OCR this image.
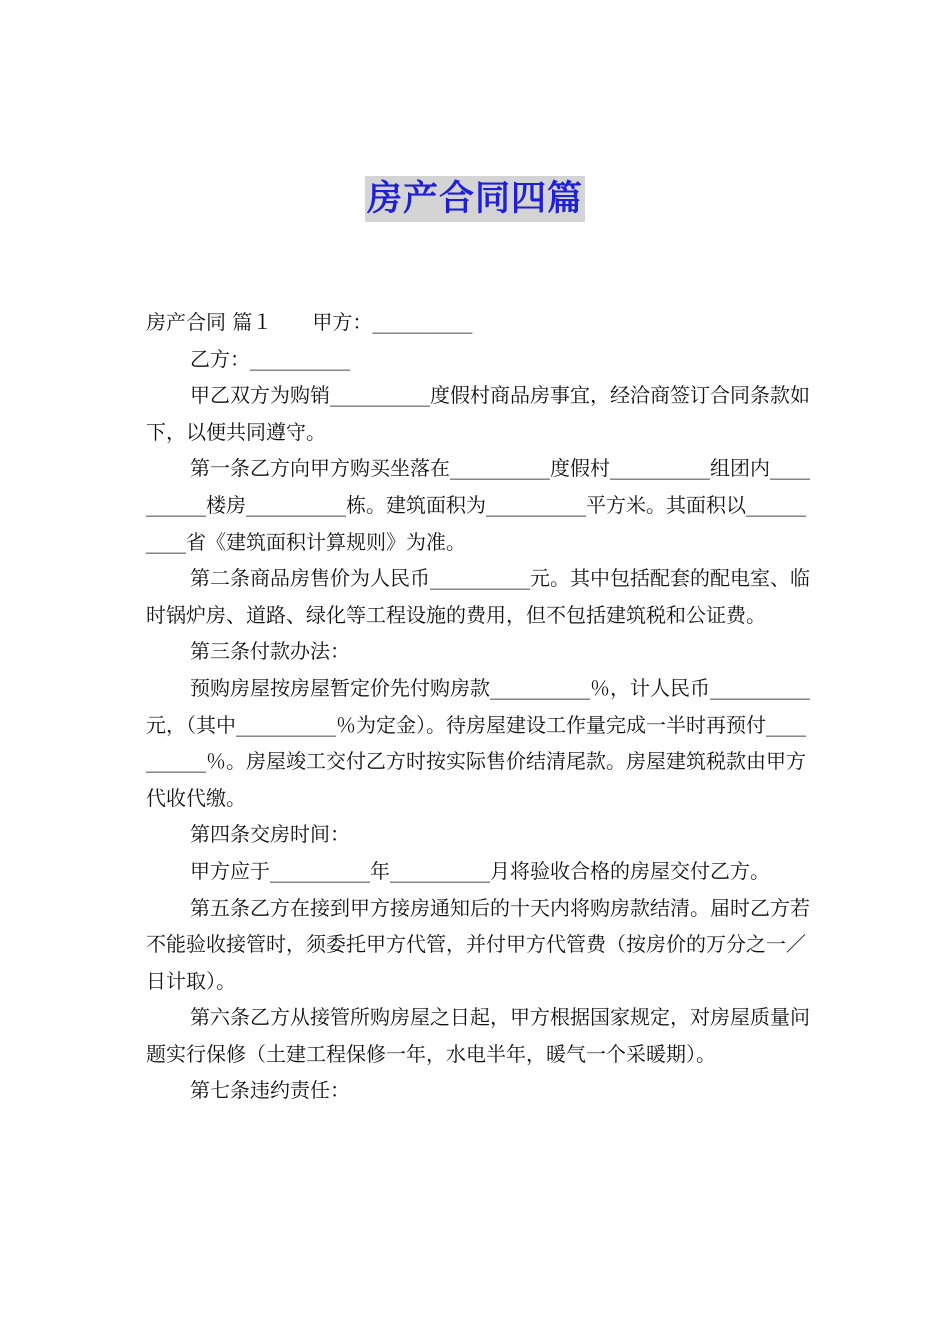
房产合同四篇

房产合同 篇１ 甲方：__________

乙方：__________

甲乙双方为购销__________度假村商品房事宜，经洽商签订合同条款如下，以便共同遵守。

第一条乙方向甲方购买坐落在__________度假村__________组团内__________楼房__________栋。建筑面积为__________平方米。其面积以__________省《建筑面积计算规则》为准。

第二条商品房售价为人民币__________元。其中包括配套的配电室、临时锅炉房、道路、绿化等工程设施的费用，但不包括建筑税和公证费。

第三条付款办法：

预购房屋按房屋暂定价先付购房款__________％，计人民币__________元，（其中__________％为定金）。待房屋建设工作量完成一半时再预付__________％。房屋竣工交付乙方时按实际售价结清尾款。房屋建筑税款由甲方代收代缴。

第四条交房时间：

甲方应于__________年__________月将验收合格的房屋交付乙方。

第五条乙方在接到甲方接房通知后的十天内将购房款结清。届时乙方若不能验收接管时，须委托甲方代管，并付甲方代管费（按房价的万分之一／日计取）。

第六条乙方从接管所购房屋之日起，甲方根据国家规定，对房屋质量问题实行保修（土建工程保修一年，水电半年，暖气一个采暖期）。

第七条违约责任：
